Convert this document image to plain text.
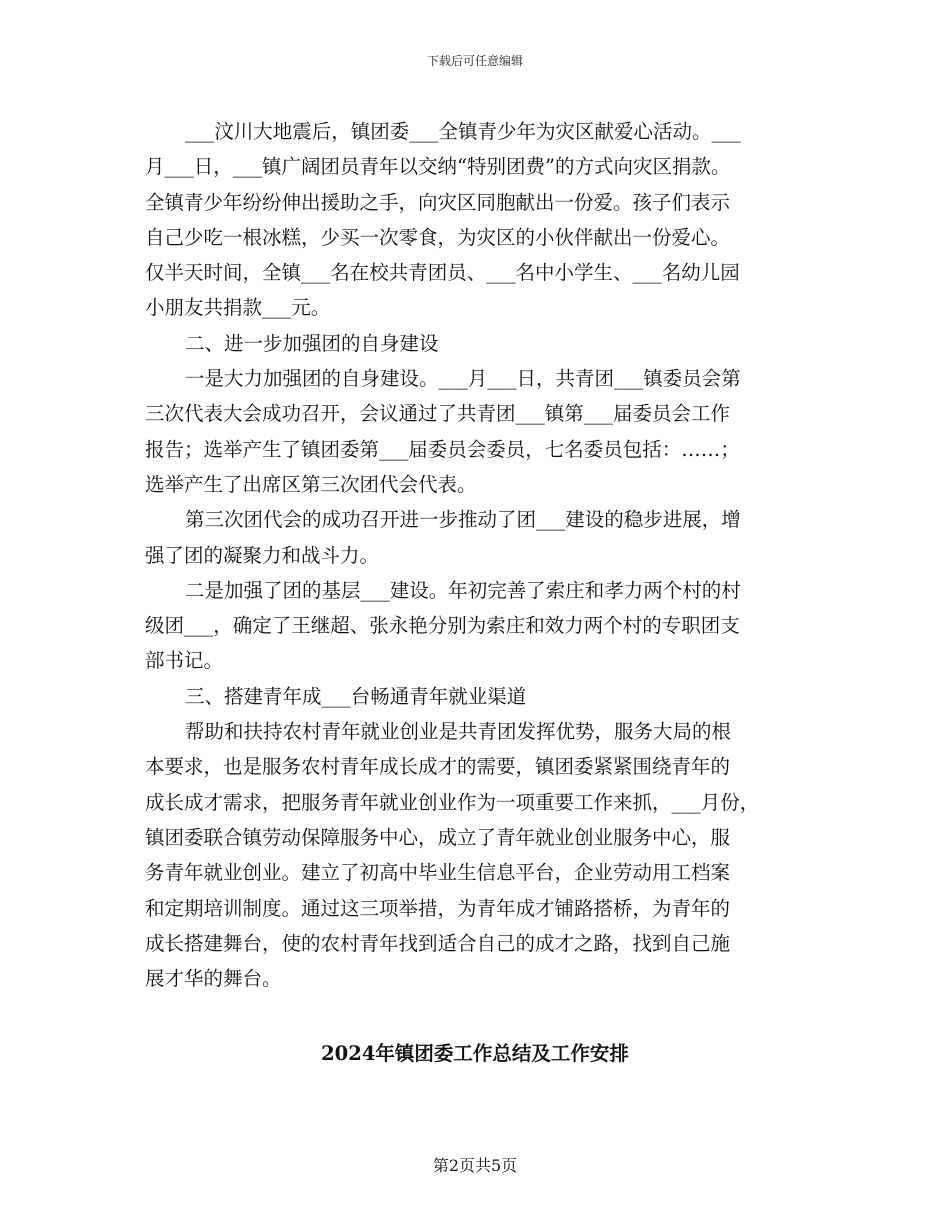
下载后可任意编辑
___汶川大地震后，镇团委___全镇青少年为灾区献爱心活动。___
月___日，___镇广阔团员青年以交纳“特别团费”的方式向灾区捐款。
全镇青少年纷纷伸出援助之手，向灾区同胞献出一份爱。孩子们表示
自己少吃一根冰糕，少买一次零食，为灾区的小伙伴献出一份爱心。
仅半天时间，全镇___名在校共青团员、___名中小学生、___名幼儿园
小朋友共捐款___元。
二、进一步加强团的自身建设
一是大力加强团的自身建设。___月___日，共青团___镇委员会第
三次代表大会成功召开，会议通过了共青团___镇第___届委员会工作
报告；选举产生了镇团委第___届委员会委员，七名委员包括：……；
选举产生了出席区第三次团代会代表。
第三次团代会的成功召开进一步推动了团___建设的稳步进展，增
强了团的凝聚力和战斗力。
二是加强了团的基层___建设。年初完善了索庄和孝力两个村的村
级团___，确定了王继超、张永艳分别为索庄和效力两个村的专职团支
部书记。
三、搭建青年成___台畅通青年就业渠道
帮助和扶持农村青年就业创业是共青团发挥优势，服务大局的根
本要求，也是服务农村青年成长成才的需要，镇团委紧紧围绕青年的
成长成才需求，把服务青年就业创业作为一项重要工作来抓，___月份，
镇团委联合镇劳动保障服务中心，成立了青年就业创业服务中心，服
务青年就业创业。建立了初高中毕业生信息平台，企业劳动用工档案
和定期培训制度。通过这三项举措，为青年成才铺路搭桥，为青年的
成长搭建舞台，使的农村青年找到适合自己的成才之路，找到自己施
展才华的舞台。
2024年镇团委工作总结及工作安排
第2页共5页
